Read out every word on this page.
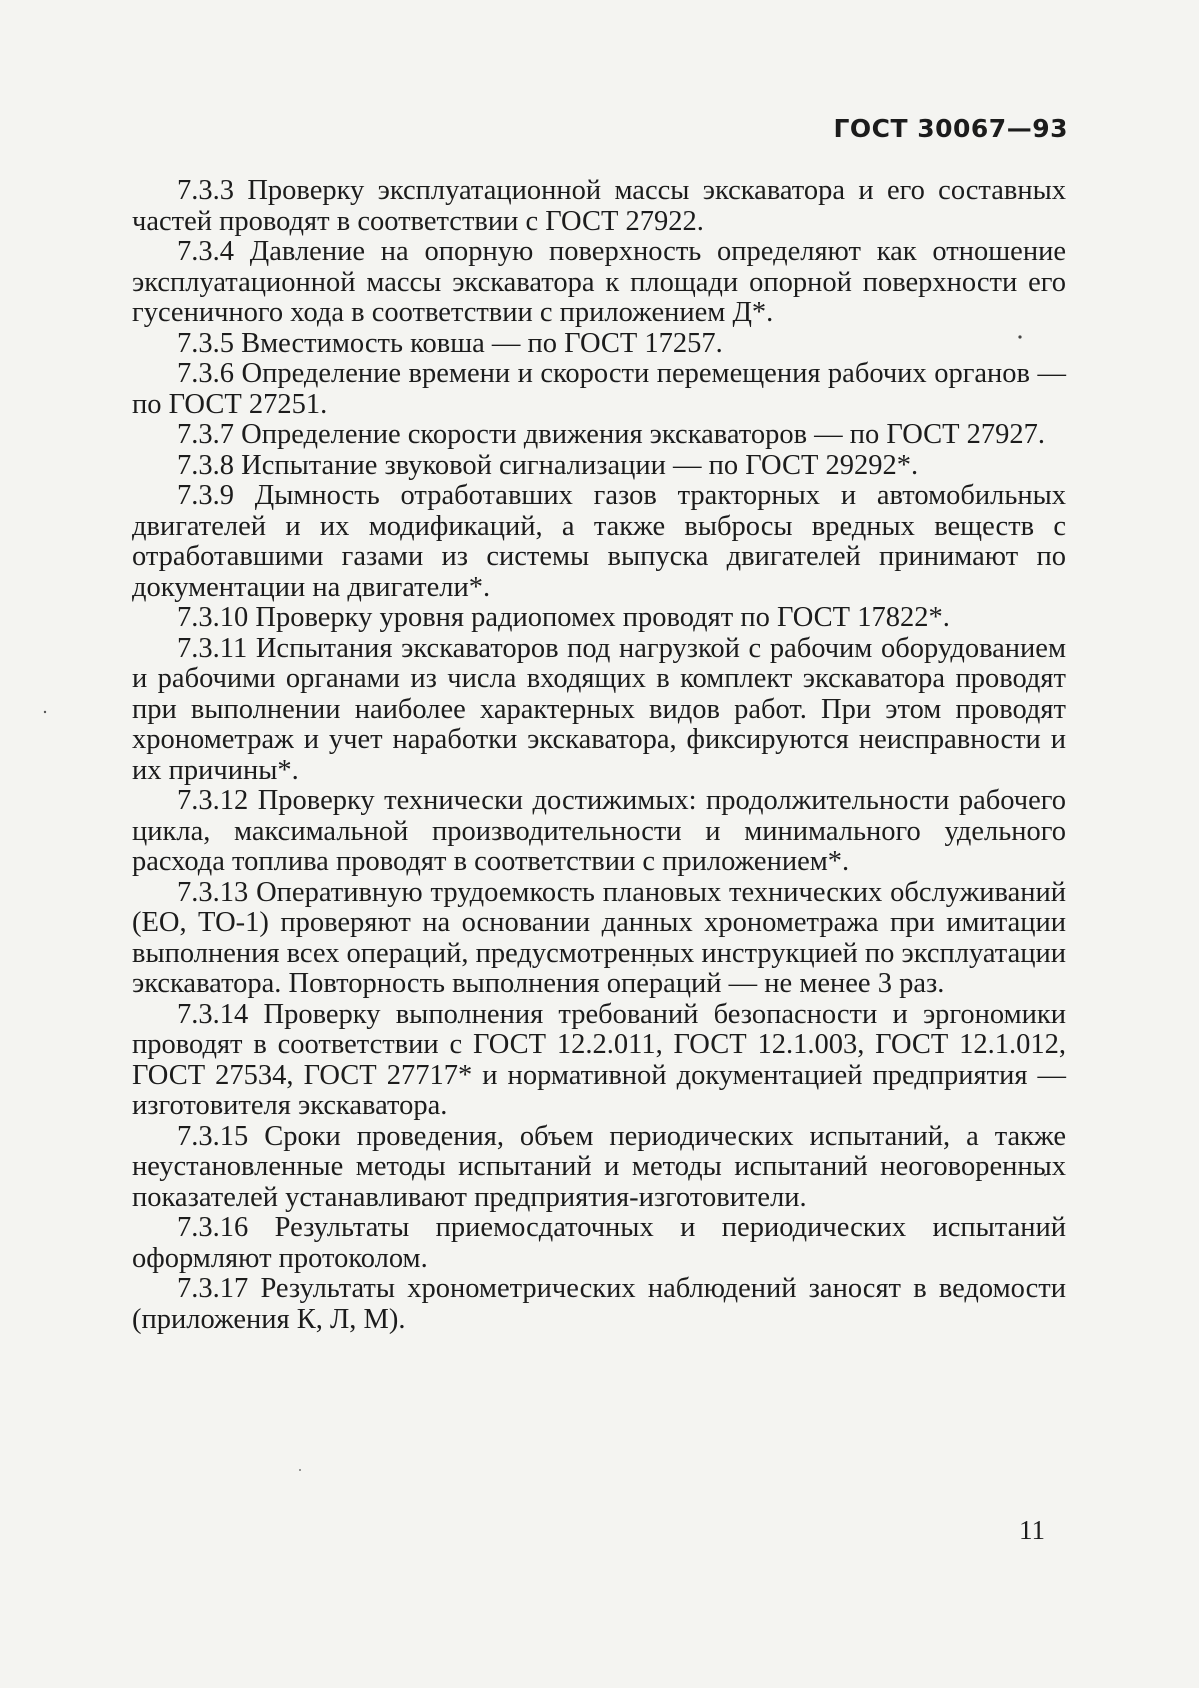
ГОСТ 30067—93

7.3.3 Проверку эксплуатационной массы экскаватора и его составных частей проводят в соответствии с ГОСТ 27922.

7.3.4 Давление на опорную поверхность определяют как отношение эксплуатационной массы экскаватора к площади опорной поверхности его гусеничного хода в соответствии с приложением Д*.

7.3.5 Вместимость ковша — по ГОСТ 17257.

7.3.6 Определение времени и скорости перемещения рабочих органов — по ГОСТ 27251.

7.3.7 Определение скорости движения экскаваторов — по ГОСТ 27927.

7.3.8 Испытание звуковой сигнализации — по ГОСТ 29292*.

7.3.9 Дымность отработавших газов тракторных и автомобильных двигателей и их модификаций, а также выбросы вредных веществ с отработавшими газами из системы выпуска двигателей принимают по документации на двигатели*.

7.3.10 Проверку уровня радиопомех проводят по ГОСТ 17822*.

7.3.11 Испытания экскаваторов под нагрузкой с рабочим оборудованием и рабочими органами из числа входящих в комплект экскаватора проводят при выполнении наиболее характерных видов работ. При этом проводят хронометраж и учет наработки экскаватора, фиксируются неисправности и их причины*.

7.3.12 Проверку технически достижимых: продолжительности рабочего цикла, максимальной производительности и минимального удельного расхода топлива проводят в соответствии с приложением*.

7.3.13 Оперативную трудоемкость плановых технических обслуживаний (ЕО, ТО-1) проверяют на основании данных хронометража при имитации выполнения всех операций, предусмотренных инструкцией по эксплуатации экскаватора. Повторность выполнения операций — не менее 3 раз.

7.3.14 Проверку выполнения требований безопасности и эргономики проводят в соответствии с ГОСТ 12.2.011, ГОСТ 12.1.003, ГОСТ 12.1.012, ГОСТ 27534, ГОСТ 27717* и нормативной документацией предприятия — изготовителя экскаватора.

7.3.15 Сроки проведения, объем периодических испытаний, а также неустановленные методы испытаний и методы испытаний неоговоренных показателей устанавливают предприятия-изготовители.

7.3.16 Результаты приемосдаточных и периодических испытаний оформляют протоколом.

7.3.17 Результаты хронометрических наблюдений заносят в ведомости (приложения К, Л, М).

11
